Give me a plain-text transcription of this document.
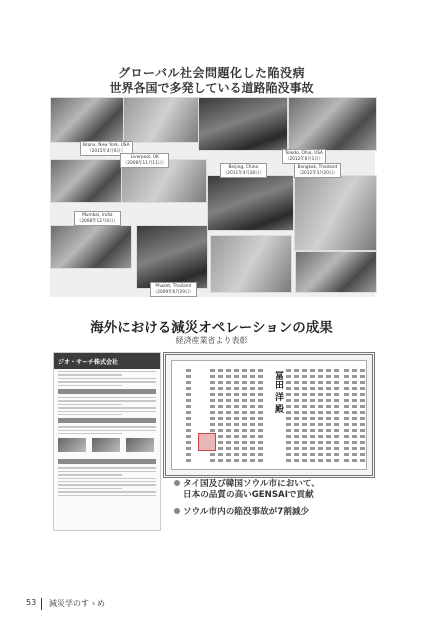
グローバル社会問題化した陥没病
世界各国で多発している道路陥没事故
Bronx, New York, USA
（2015年4月6日）	Toledo, Ohio, USA
（2012年6月1日）
Liverpool, UK
（2008年11月11日）
Beijing, China
（2011年4月28日）
Bangkok, Thailand
（2012年3月20日）
Mumbai, India
（2008年12月4日）
Phuket, Thailand
（2009年6月29日）
海外における減災オペレーションの成果
経済産業省より表彰
ジオ・サーチ株式会社
冨田 洋 殿
タイ国及び韓国ソウル市において、
日本の品質の高いGENSAIで貢献
ソウル市内の陥没事故が7割減少
53 減災学のすゝめ
